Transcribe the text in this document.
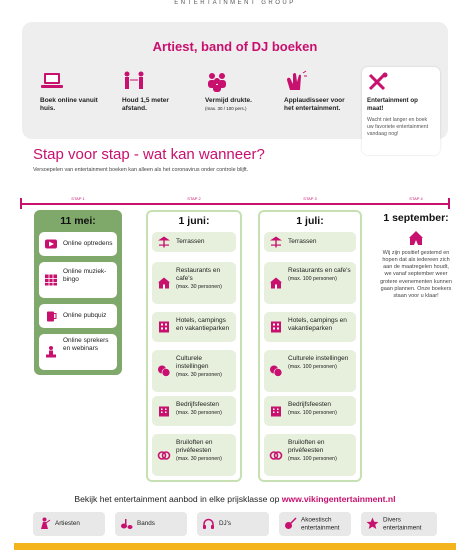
ENTERTAINMENT GROUP
Artiest, band of DJ boeken
Boek online vanuit huis.
Houd 1,5 meter afstand.
Vermijd drukte.
(max. 30 / 100 pers.)
Applaudisseer voor het entertainment.
Entertainment op maat!
Wacht niet langer en boek uw favoriete entertainment vandaag nog!
Stap voor stap - wat kan wanneer?
Versoepelen van entertainment boeken kan alleen als het coronavirus onder controle blijft.
STAP 1	STAP 2	STAP 3	STAP 4
11 mei:
Online optredens
Online muziek-bingo
Online pubquiz
Online sprekers en webinars
1 juni:
Terrassen
Restaurants en cafe's
(max. 30 personen)
Hotels, campings en vakantieparken
Culturele instellingen
(max. 30 personen)
Bedrijfsfeesten
(max. 30 personen)
Bruiloften en privéfeesten
(max. 30 personen)
1 juli:
Terrassen
Restaurants en cafe's
(max. 100 personen)
Hotels, campings en vakantieparken
Culturele instellingen
(max. 100 personen)
Bedrijfsfeesten
(max. 100 personen)
Bruiloften en privéfeesten
(max. 100 personen)
1 september:
Wij zijn positief gestemd en hopen dat als iedereen zich aan de maatregelen houdt, we vanaf september weer grotere evenementen kunnen gaan plannen. Onze boekers staan voor u klaar!
Bekijk het entertainment aanbod in elke prijsklasse op www.vikingentertainment.nl
Artiesten	Bands	DJ's
Akoestisch entertainment
Divers entertainment
